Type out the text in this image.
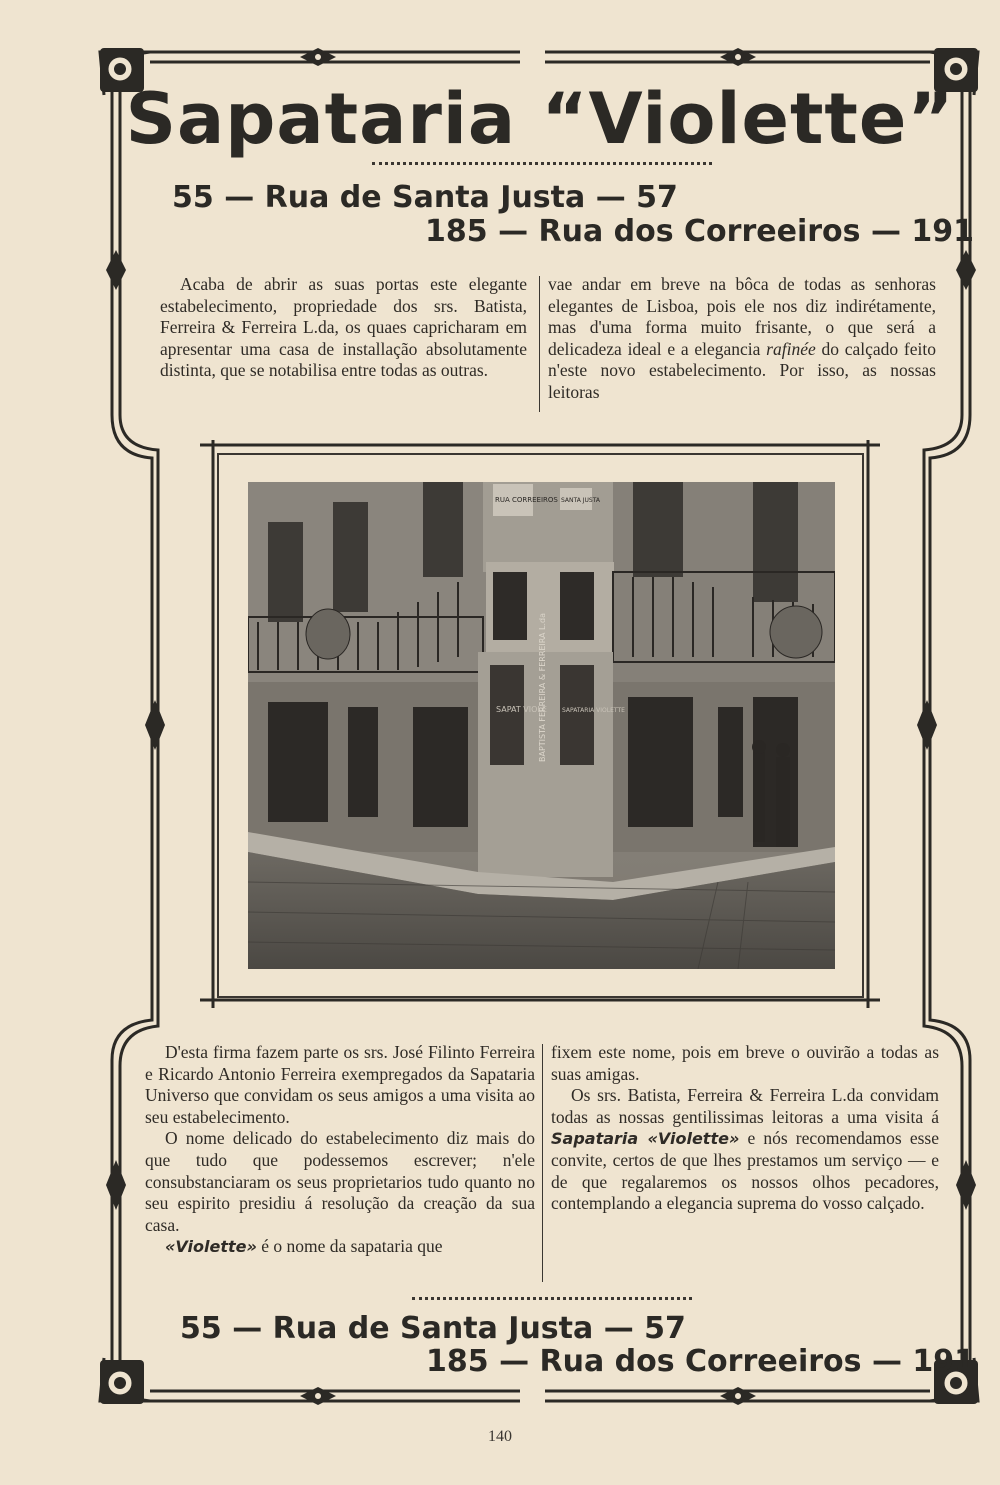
Sapataria “Violette”

55 — Rua de Santa Justa — 57

185 — Rua dos Correeiros — 191

Acaba de abrir as suas portas este elegante estabelecimento, propriedade dos srs. Batista, Ferreira & Ferreira L.da, os quaes capricharam em apresentar uma casa de installação absolutamente distinta, que se notabilisa entre todas as outras.

vae andar em breve na bôca de todas as senhoras elegantes de Lisboa, pois ele nos diz indirétamente, mas d'uma forma muito frisante, o que será a delicadeza ideal e a elegancia rafinée do calçado feito n'este novo estabelecimento. Por isso, as nossas leitoras

SAPAT VIOLE	SAPATARIA VIOLETTE
RUA CORREEIROS SANTA JUSTA
BAPTISTA FERREIRA & FERREIRA L.da

D'esta firma fazem parte os srs. José Filinto Ferreira e Ricardo Antonio Ferreira exempregados da Sapataria Universo que convidam os seus amigos a uma visita ao seu estabelecimento.

O nome delicado do estabelecimento diz mais do que tudo que podessemos escrever; n'ele consubstanciaram os seus proprietarios tudo quanto no seu espirito presidiu á resolução da creação da sua casa.

«Violette» é o nome da sapataria que

fixem este nome, pois em breve o ouvirão a todas as suas amigas.

Os srs. Batista, Ferreira & Ferreira L.da convidam todas as nossas gentilissimas leitoras a uma visita á Sapataria «Violette» e nós recomendamos esse convite, certos de que lhes prestamos um serviço — e de que regalaremos os nossos olhos pecadores, contemplando a elegancia suprema do vosso calçado.

55 — Rua de Santa Justa — 57

185 — Rua dos Correeiros — 191

140
